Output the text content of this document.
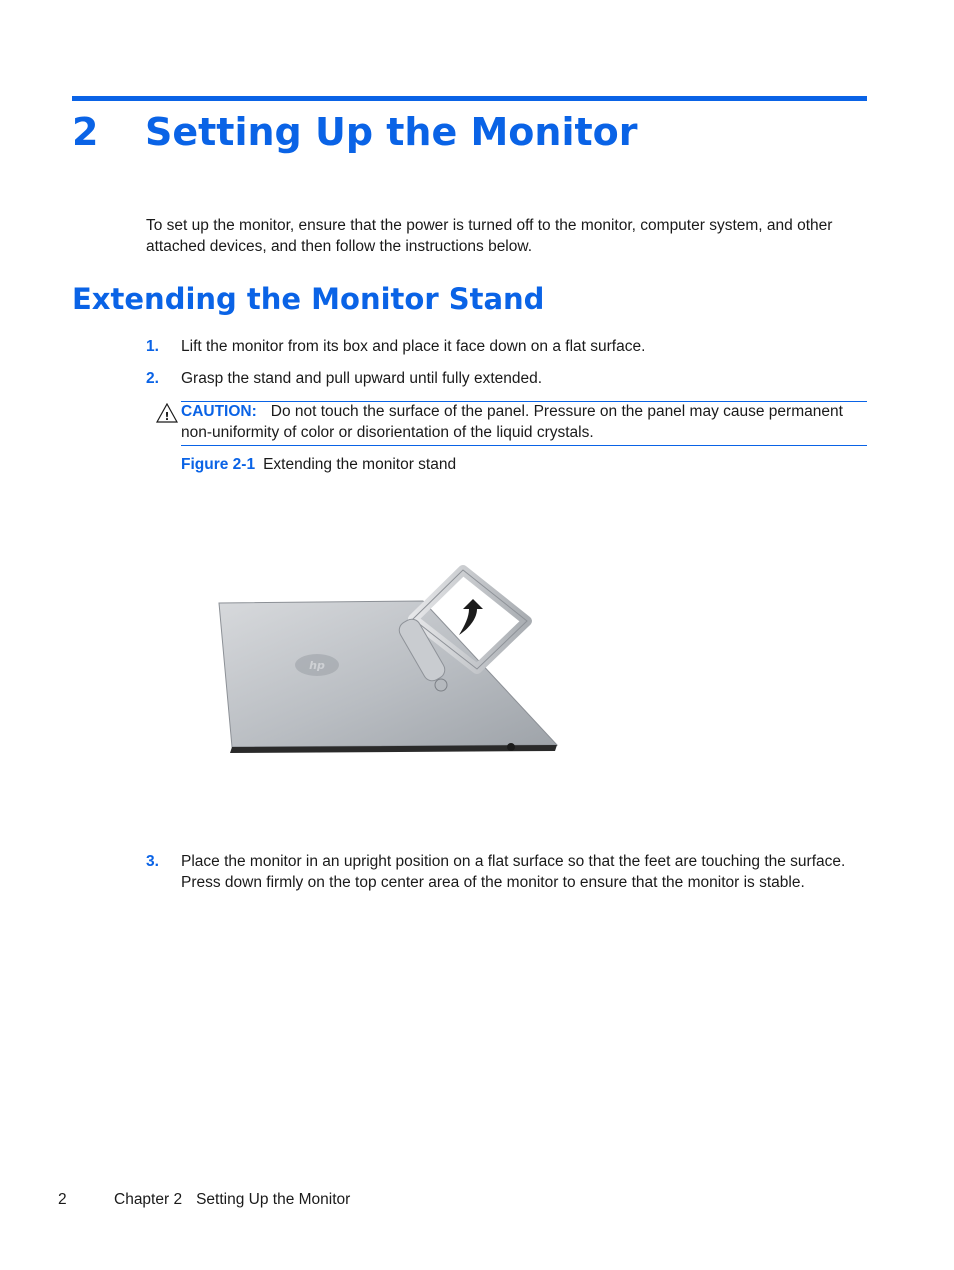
2	Setting Up the Monitor
To set up the monitor, ensure that the power is turned off to the monitor, computer system, and other attached devices, and then follow the instructions below.
Extending the Monitor Stand
1.	Lift the monitor from its box and place it face down on a flat surface.
2.	Grasp the stand and pull upward until fully extended.
! CAUTION: Do not touch the surface of the panel. Pressure on the panel may cause permanent non-uniformity of color or disorientation of the liquid crystals.
Figure 2-1 Extending the monitor stand
hp
3.	Place the monitor in an upright position on a flat surface so that the feet are touching the surface. Press down firmly on the top center area of the monitor to ensure that the monitor is stable.
2	Chapter 2 Setting Up the Monitor
